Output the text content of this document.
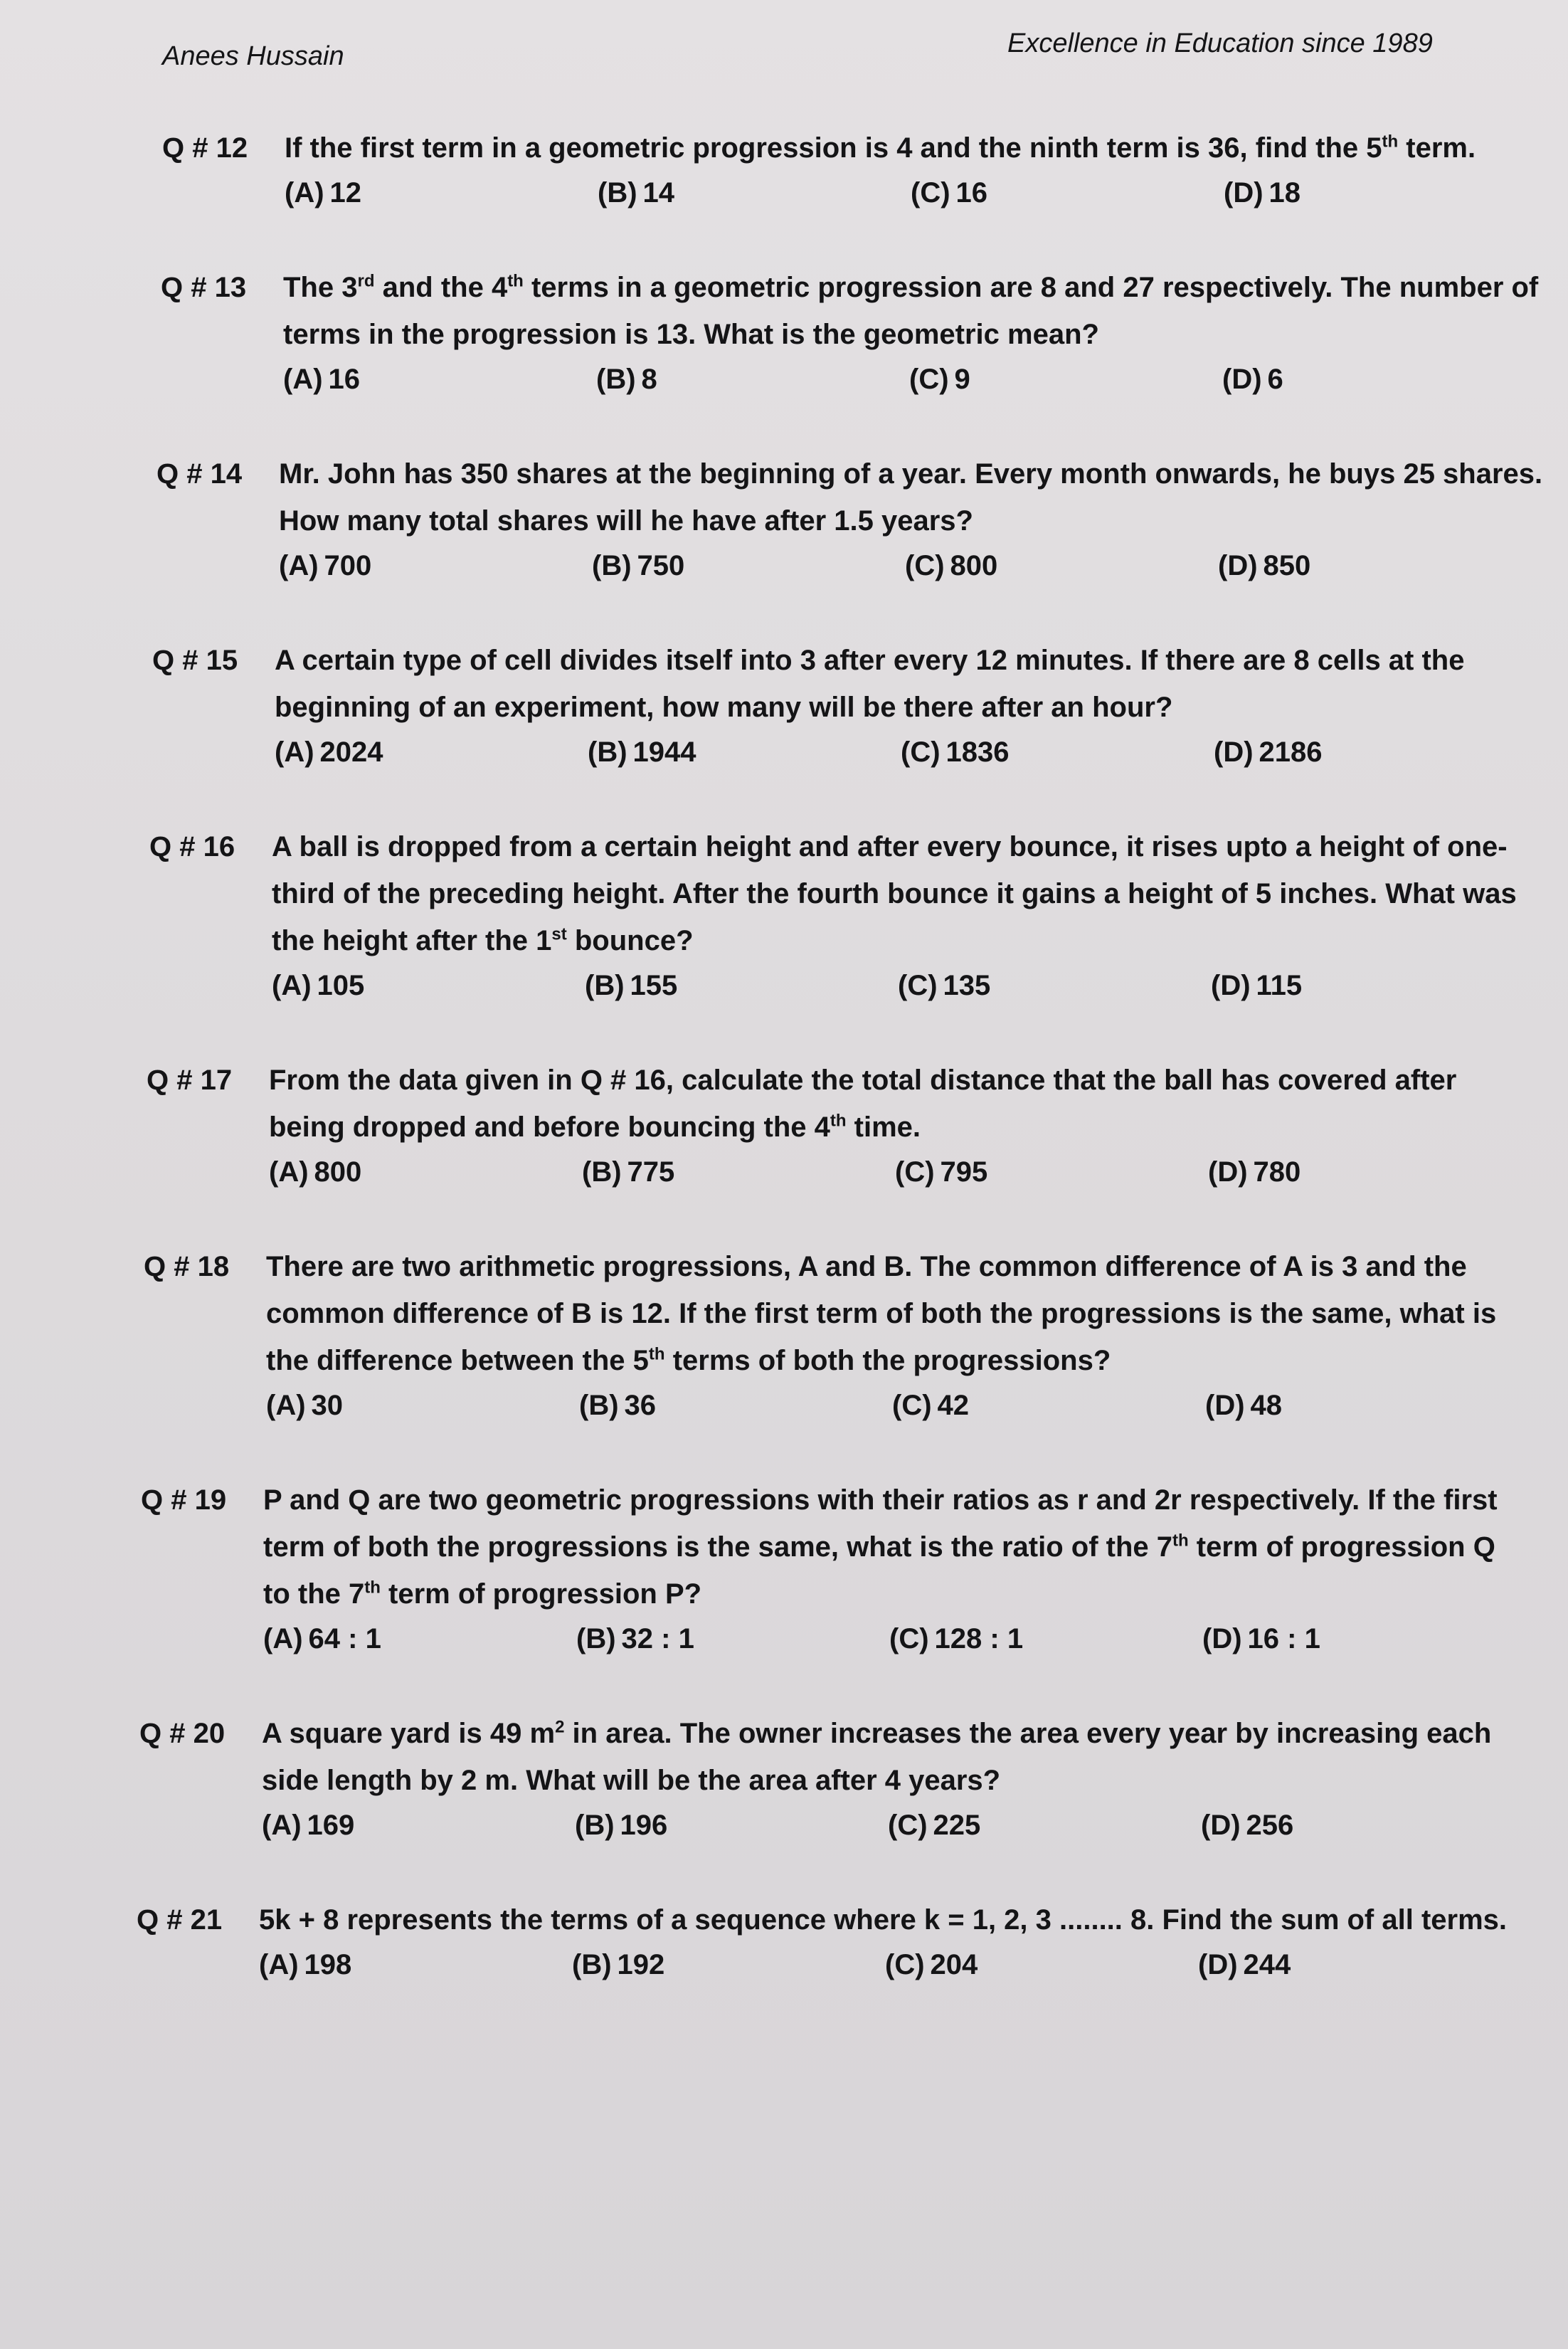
Anees Hussain	Excellence in Education since 1989
Q # 12	If the first term in a geometric progression is 4 and the ninth term is 36, find the 5th term.
(A) 12	(B) 14	(C) 16	(D) 18
Q # 13	The 3rd and the 4th terms in a geometric progression are 8 and 27 respectively. The number of terms in the progression is 13. What is the geometric mean?
(A) 16	(B) 8	(C) 9	(D) 6
Q # 14	Mr. John has 350 shares at the beginning of a year. Every month onwards, he buys 25 shares. How many total shares will he have after 1.5 years?
(A) 700	(B) 750	(C) 800	(D) 850
Q # 15	A certain type of cell divides itself into 3 after every 12 minutes. If there are 8 cells at the beginning of an experiment, how many will be there after an hour?
(A) 2024	(B) 1944	(C) 1836	(D) 2186
Q # 16	A ball is dropped from a certain height and after every bounce, it rises upto a height of one-third of the preceding height. After the fourth bounce it gains a height of 5 inches. What was the height after the 1st bounce?
(A) 105	(B) 155	(C) 135	(D) 115
Q # 17	From the data given in Q # 16, calculate the total distance that the ball has covered after being dropped and before bouncing the 4th time.
(A) 800	(B) 775	(C) 795	(D) 780
Q # 18	There are two arithmetic progressions, A and B. The common difference of A is 3 and the common difference of B is 12. If the first term of both the progressions is the same, what is the difference between the 5th terms of both the progressions?
(A) 30	(B) 36	(C) 42	(D) 48
Q # 19	P and Q are two geometric progressions with their ratios as r and 2r respectively. If the first term of both the progressions is the same, what is the ratio of the 7th term of progression Q to the 7th term of progression P?
(A) 64 : 1	(B) 32 : 1	(C) 128 : 1	(D) 16 : 1
Q # 20	A square yard is 49 $m^2$ in area. The owner increases the area every year by increasing each side length by 2 m. What will be the area after 4 years?
(A) 169	(B) 196	(C) 225	(D) 256
Q # 21	5k + 8 represents the terms of a sequence where k = 1, 2, 3 ........ 8. Find the sum of all terms.
(A) 198	(B) 192	(C) 204	(D) 244
